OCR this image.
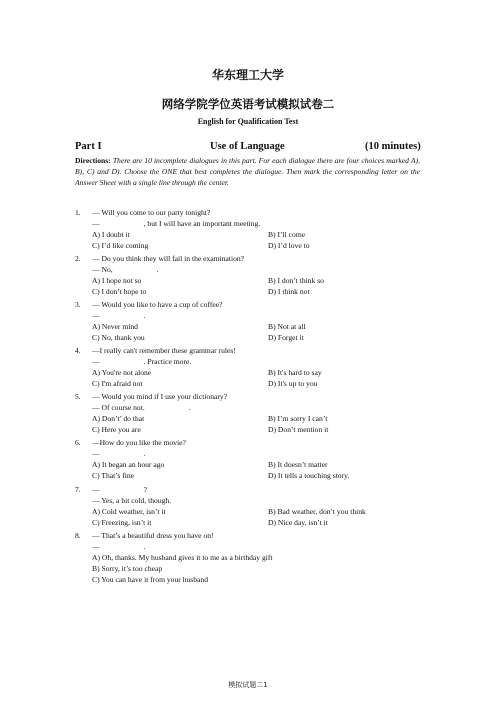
华东理工大学
网络学院学位英语考试模拟试卷二
English for Qualification Test
Part I	Use of Language	(10 minutes)
Directions: There are 10 incomplete dialogues in this part. For each dialogue there are four choices marked A), B), C) and D). Choose the ONE that best completes the dialogue. Then mark the corresponding letter on the Answer Sheet with a single line through the center.
1. — Will you come to our party tonight?
—	, but I will have an important meeting.
A) I doubt it	B) I’ll come
C) I’d like coming	D) I’d love to
2. — Do you think they will fail in the examination?
— No,	.
A) I hope not so	B) I don’t think so
C) I don’t hope to	D) I think not
3. — Would you like to have a cup of coffee?
—	.
A) Never mind	B) Not at all
C) No, thank you	D) Forget it
4. —I really can't remember these grammar rules!
—	. Practice more.
A) You're not alone	B) It's hard to say
C) I'm afraid not	D) It's up to you
5. — Would you mind if I use your dictionary?
— Of course not.	.
A) Don’t’ do that	B) I’m sorry I can’t
C) Here you are	D) Don’t mention it
6. —How do you like the movie?
—	.
A) It began an hour ago	B) It doesn’t matter
C) That’s fine	D) It tells a touching story.
7. —	?
— Yes, a bit cold, though.
A) Cold weather, isn’t it	B) Bad weather, don’t you think
C) Freezing, isn’t it	D) Nice day, isn’t it
8. — That’s a beautiful dress you have on!
—	.
A) Oh, thanks. My husband gives it to me as a birthday gift
B) Sorry, it’s too cheap
C) You can have it from your husband
模拟试题二1
